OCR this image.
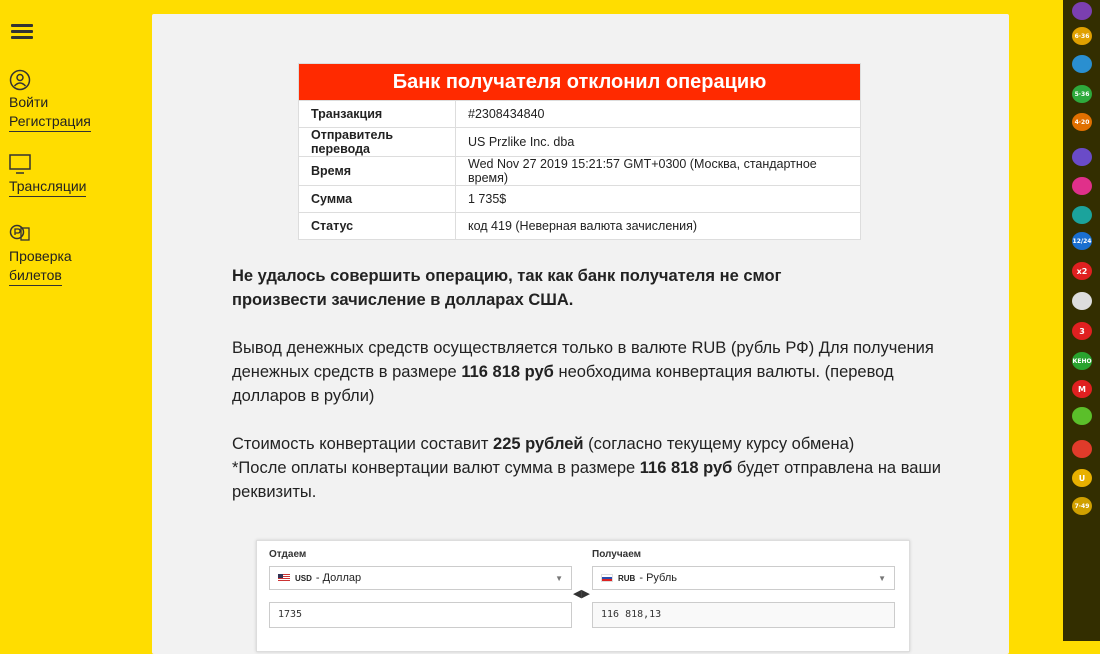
Войти
Регистрация
Трансляции
Проверка
билетов
Банк получателя отклонил операцию	
Транзакция	#2308434840
Отправитель перевода	US Przlike Inc. dba
Время	Wed Nov 27 2019 15:21:57 GMT+0300 (Москва, стандартное время)
Сумма	1 735$
Статус	код 419 (Неверная валюта зачисления)

Не удалось совершить операцию, так как банк получателя не смог произвести зачисление в долларах США.

Вывод денежных средств осуществляется только в валюте RUB (рубль РФ) Для получения денежных средств в размере 116 818 руб необходима конвертация валюты. (перевод долларов в рубли)

Стоимость конвертации составит 225 рублей (согласно текущему курсу обмена)

*После оплаты конвертации валют сумма в размере 116 818 руб будет отправлена на ваши реквизиты.

Отдаем
USD - Доллар	▼
1735
◀▶
Получаем
RUB - Рубль	▼
116 818,13
6·36
5·36
4·20
12/24
x2
3
КЕНО
M
U
7·49
